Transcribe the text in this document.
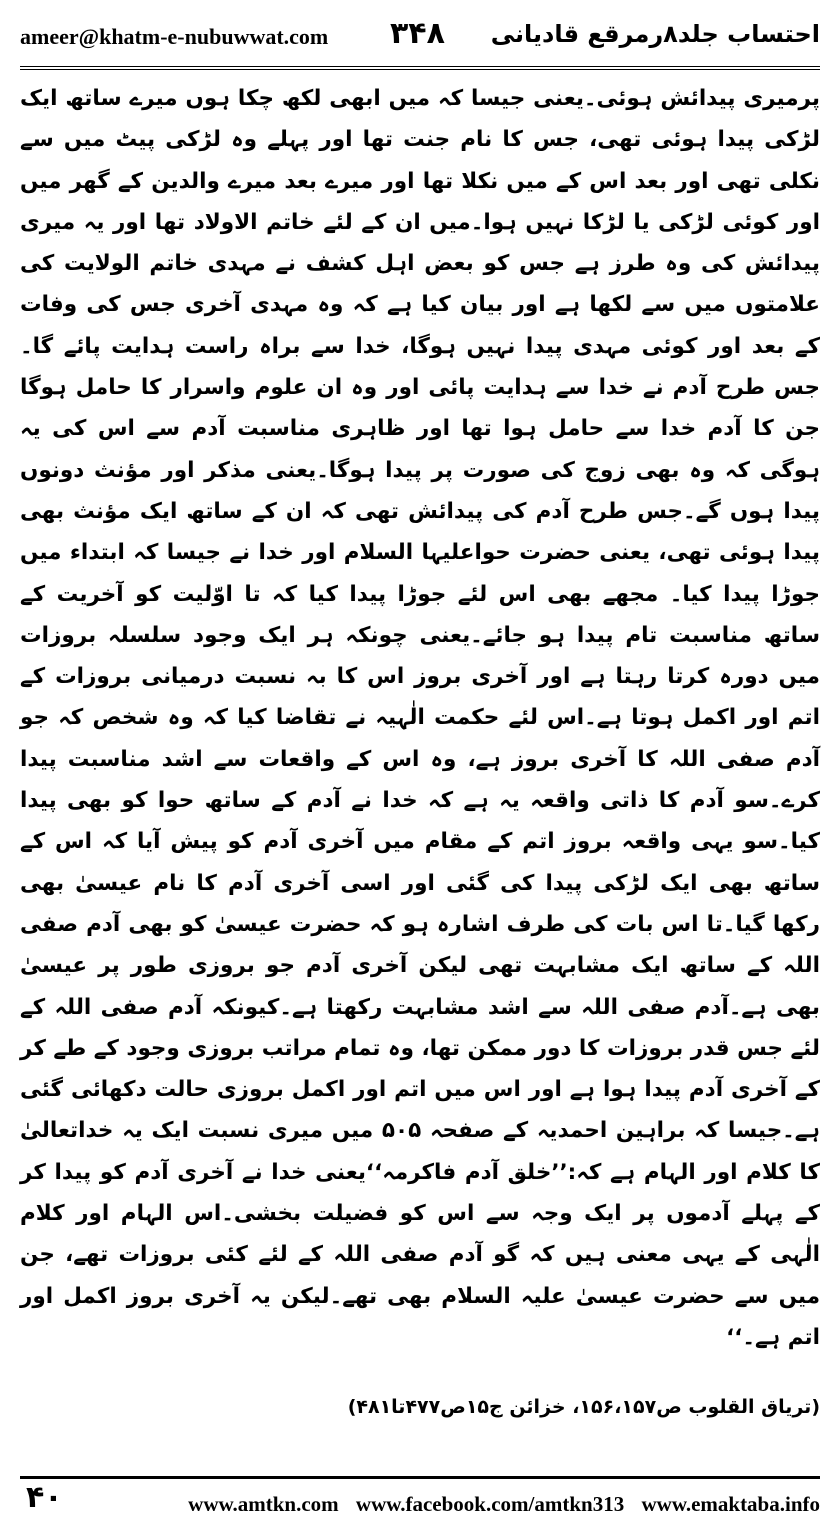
ameer@khatm-e-nubuwwat.com ۳۴۸ احتساب جلد۸رمرقع قادیانی

پرمیری پیدائش ہوئی۔یعنی جیسا کہ میں ابھی لکھ چکا ہوں میرے ساتھ ایک لڑکی پیدا ہوئی تھی، جس کا نام جنت تھا اور پہلے وہ لڑکی پیٹ میں سے نکلی تھی اور بعد اس کے میں نکلا تھا اور میرے بعد میرے والدین کے گھر میں اور کوئی لڑکی یا لڑکا نہیں ہوا۔میں ان کے لئے خاتم الاولاد تھا اور یہ میری پیدائش کی وہ طرز ہے جس کو بعض اہل کشف نے مہدی خاتم الولایت کی علامتوں میں سے لکھا ہے اور بیان کیا ہے کہ وہ مہدی آخری جس کی وفات کے بعد اور کوئی مہدی پیدا نہیں ہوگا، خدا سے براہ راست ہدایت پائے گا۔جس طرح آدم نے خدا سے ہدایت پائی اور وہ ان علوم واسرار کا حامل ہوگا جن کا آدم خدا سے حامل ہوا تھا اور ظاہری مناسبت آدم سے اس کی یہ ہوگی کہ وہ بھی زوج کی صورت پر پیدا ہوگا۔یعنی مذکر اور مؤنث دونوں پیدا ہوں گے۔جس طرح آدم کی پیدائش تھی کہ ان کے ساتھ ایک مؤنث بھی پیدا ہوئی تھی، یعنی حضرت حواعلیہا السلام اور خدا نے جیسا کہ ابتداء میں جوڑا پیدا کیا۔ مجھے بھی اس لئے جوڑا پیدا کیا کہ تا اوّلیت کو آخریت کے ساتھ مناسبت تام پیدا ہو جائے۔یعنی چونکہ ہر ایک وجود سلسلہ بروزات میں دورہ کرتا رہتا ہے اور آخری بروز اس کا بہ نسبت درمیانی بروزات کے اتم اور اکمل ہوتا ہے۔اس لئے حکمت الٰہیہ نے تقاضا کیا کہ وہ شخص کہ جو آدم صفی اللہ کا آخری بروز ہے، وہ اس کے واقعات سے اشد مناسبت پیدا کرے۔سو آدم کا ذاتی واقعہ یہ ہے کہ خدا نے آدم کے ساتھ حوا کو بھی پیدا کیا۔سو یہی واقعہ بروز اتم کے مقام میں آخری آدم کو پیش آیا کہ اس کے ساتھ بھی ایک لڑکی پیدا کی گئی اور اسی آخری آدم کا نام عیسیٰ بھی رکھا گیا۔تا اس بات کی طرف اشارہ ہو کہ حضرت عیسیٰ کو بھی آدم صفی اللہ کے ساتھ ایک مشابہت تھی لیکن آخری آدم جو بروزی طور پر عیسیٰ بھی ہے۔آدم صفی اللہ سے اشد مشابہت رکھتا ہے۔کیونکہ آدم صفی اللہ کے لئے جس قدر بروزات کا دور ممکن تھا، وہ تمام مراتب بروزی وجود کے طے کر کے آخری آدم پیدا ہوا ہے اور اس میں اتم اور اکمل بروزی حالت دکھائی گئی ہے۔جیسا کہ براہین احمدیہ کے صفحہ ۵۰۵ میں میری نسبت ایک یہ خداتعالیٰ کا کلام اور الہام ہے کہ:’’خلق آدم فاکرمہ‘‘یعنی خدا نے آخری آدم کو پیدا کر کے پہلے آدموں پر ایک وجہ سے اس کو فضیلت بخشی۔اس الہام اور کلام الٰہی کے یہی معنی ہیں کہ گو آدم صفی اللہ کے لئے کئی بروزات تھے، جن میں سے حضرت عیسیٰ علیہ السلام بھی تھے۔لیکن یہ آخری بروز اکمل اور اتم ہے۔‘‘

(تریاق القلوب ص۱۵۶،۱۵۷، خزائن ج۱۵ص۴۷۷تا۴۸۱)
۴۰	www.amtkn.com www.facebook.com/amtkn313 www.emaktaba.info
